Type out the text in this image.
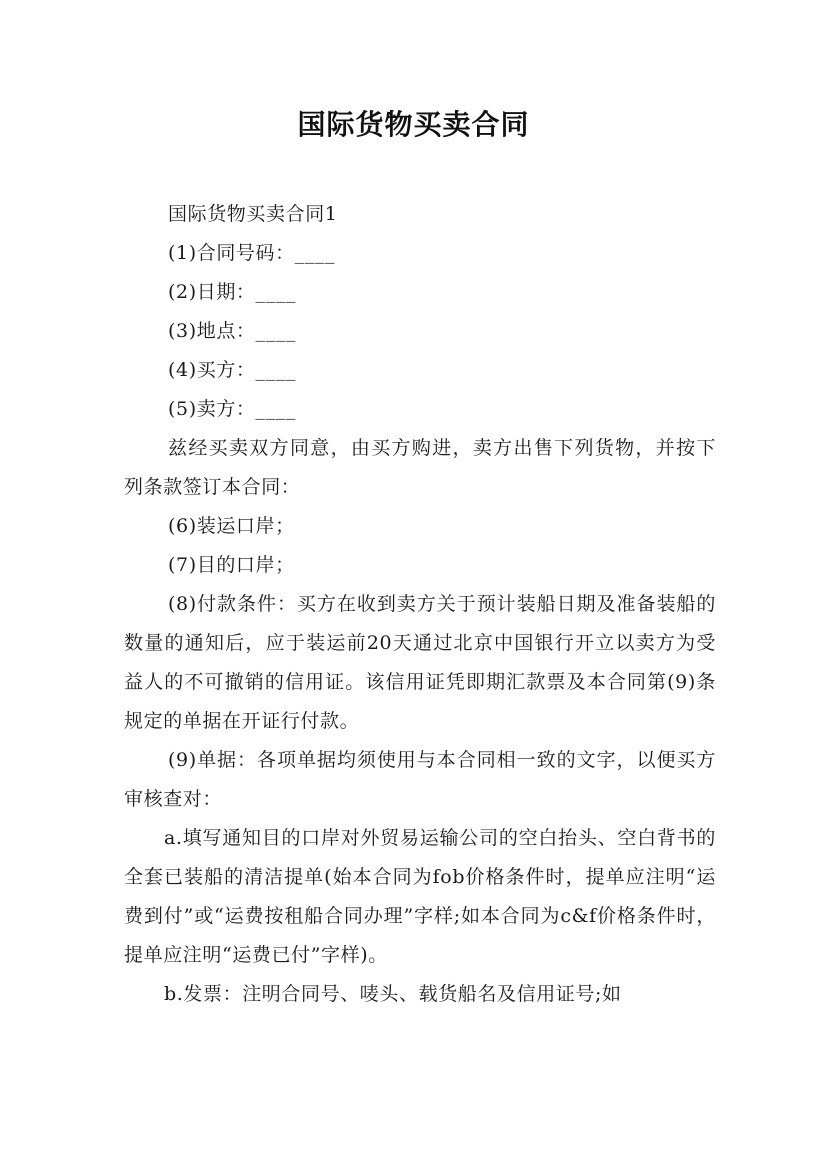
国际货物买卖合同

国际货物买卖合同1

(1)合同号码：____

(2)日期：____

(3)地点：____

(4)买方：____

(5)卖方：____

兹经买卖双方同意，由买方购进，卖方出售下列货物，并按下列条款签订本合同：

(6)装运口岸；

(7)目的口岸；

(8)付款条件：买方在收到卖方关于预计装船日期及准备装船的数量的通知后，应于装运前20天通过北京中国银行开立以卖方为受益人的不可撤销的信用证。该信用证凭即期汇款票及本合同第(9)条规定的单据在开证行付款。

(9)单据：各项单据均须使用与本合同相一致的文字，以便买方审核查对：

a.填写通知目的口岸对外贸易运输公司的空白抬头、空白背书的全套已装船的清洁提单(始本合同为fob价格条件时，提单应注明“运费到付”或“运费按租船合同办理”字样;如本合同为c&f价格条件时，提单应注明“运费已付”字样)。

b.发票：注明合同号、唛头、载货船名及信用证号;如
